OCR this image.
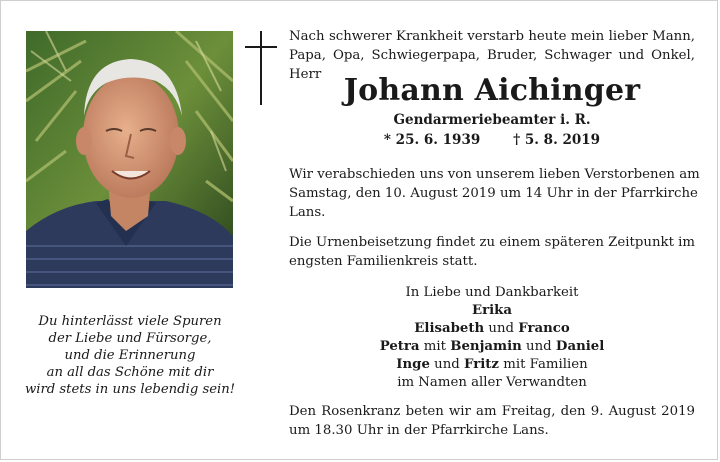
Du hinterlässt viele Spuren
der Liebe und Fürsorge,
und die Erinnerung
an all das Schöne mit dir
wird stets in uns lebendig sein!
Nach schwerer Krankheit verstarb heute mein lieber Mann,
Papa, Opa, Schwiegerpapa, Bruder, Schwager und Onkel, Herr Johann Aichinger
Gendarmeriebeamter i. R.
* 25. 6. 1939       † 5. 8. 2019
Wir verabschieden uns von unserem lieben Verstorbenen am
Samstag, den 10. August 2019 um 14 Uhr in der Pfarrkirche
Lans.
Die Urnenbeisetzung findet zu einem späteren Zeitpunkt im
engsten Familienkreis statt.
In Liebe und Dankbarkeit
Erika
Elisabeth und Franco
Petra mit Benjamin und Daniel
Inge und Fritz mit Familien
im Namen aller Verwandten
Den Rosenkranz beten wir am Freitag, den 9. August 2019
um 18.30 Uhr in der Pfarrkirche Lans.
